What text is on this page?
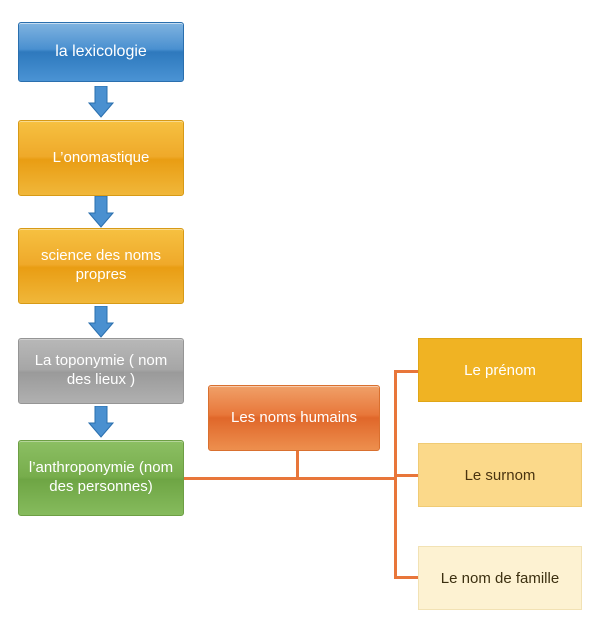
la lexicologie
L’onomastique
science des noms propres
La toponymie ( nom des lieux )
l’anthroponymie (nom des personnes)
Les noms humains
Le prénom
Le surnom
Le nom de famille
